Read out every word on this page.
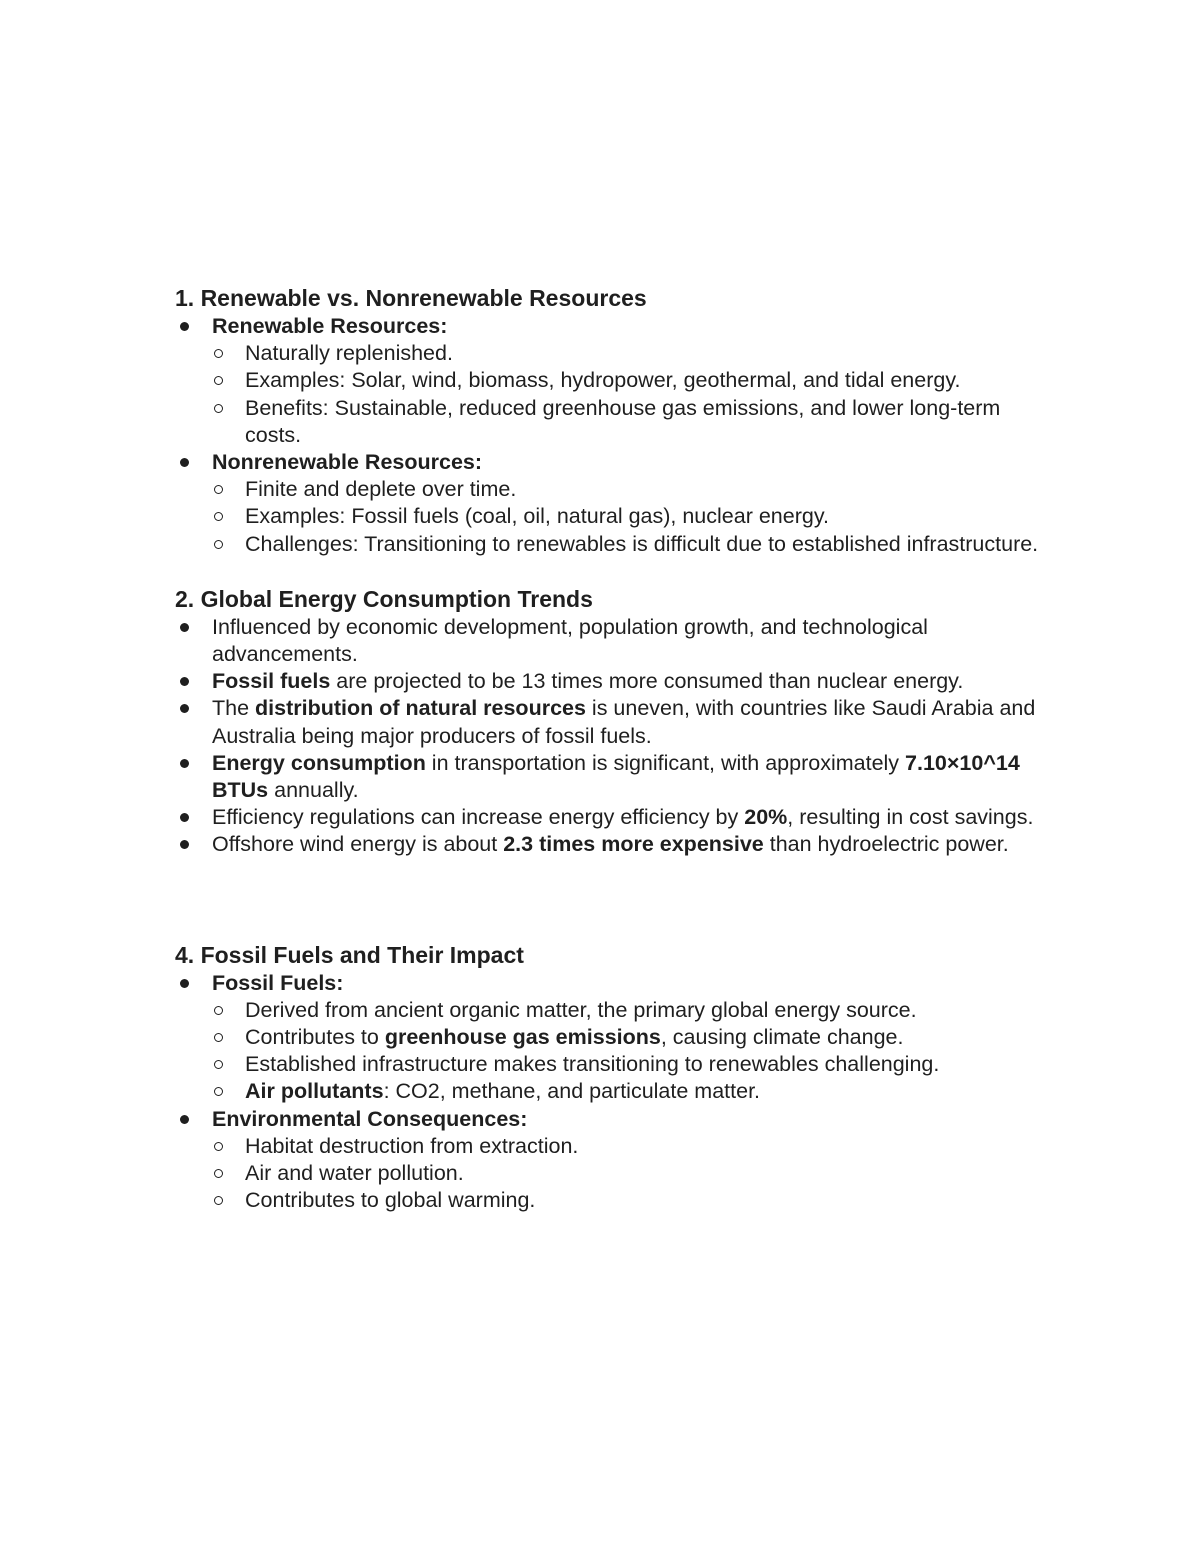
1. Renewable vs. Nonrenewable Resources
Renewable Resources:
Naturally replenished.
Examples: Solar, wind, biomass, hydropower, geothermal, and tidal energy.
Benefits: Sustainable, reduced greenhouse gas emissions, and lower long-term costs.
Nonrenewable Resources:
Finite and deplete over time.
Examples: Fossil fuels (coal, oil, natural gas), nuclear energy.
Challenges: Transitioning to renewables is difficult due to established infrastructure.
2. Global Energy Consumption Trends
Influenced by economic development, population growth, and technological advancements.
Fossil fuels are projected to be 13 times more consumed than nuclear energy.
The distribution of natural resources is uneven, with countries like Saudi Arabia and Australia being major producers of fossil fuels.
Energy consumption in transportation is significant, with approximately 7.10×10^14 BTUs annually.
Efficiency regulations can increase energy efficiency by 20%, resulting in cost savings.
Offshore wind energy is about 2.3 times more expensive than hydroelectric power.
4. Fossil Fuels and Their Impact
Fossil Fuels:
Derived from ancient organic matter, the primary global energy source.
Contributes to greenhouse gas emissions, causing climate change.
Established infrastructure makes transitioning to renewables challenging.
Air pollutants: CO2, methane, and particulate matter.
Environmental Consequences:
Habitat destruction from extraction.
Air and water pollution.
Contributes to global warming.
